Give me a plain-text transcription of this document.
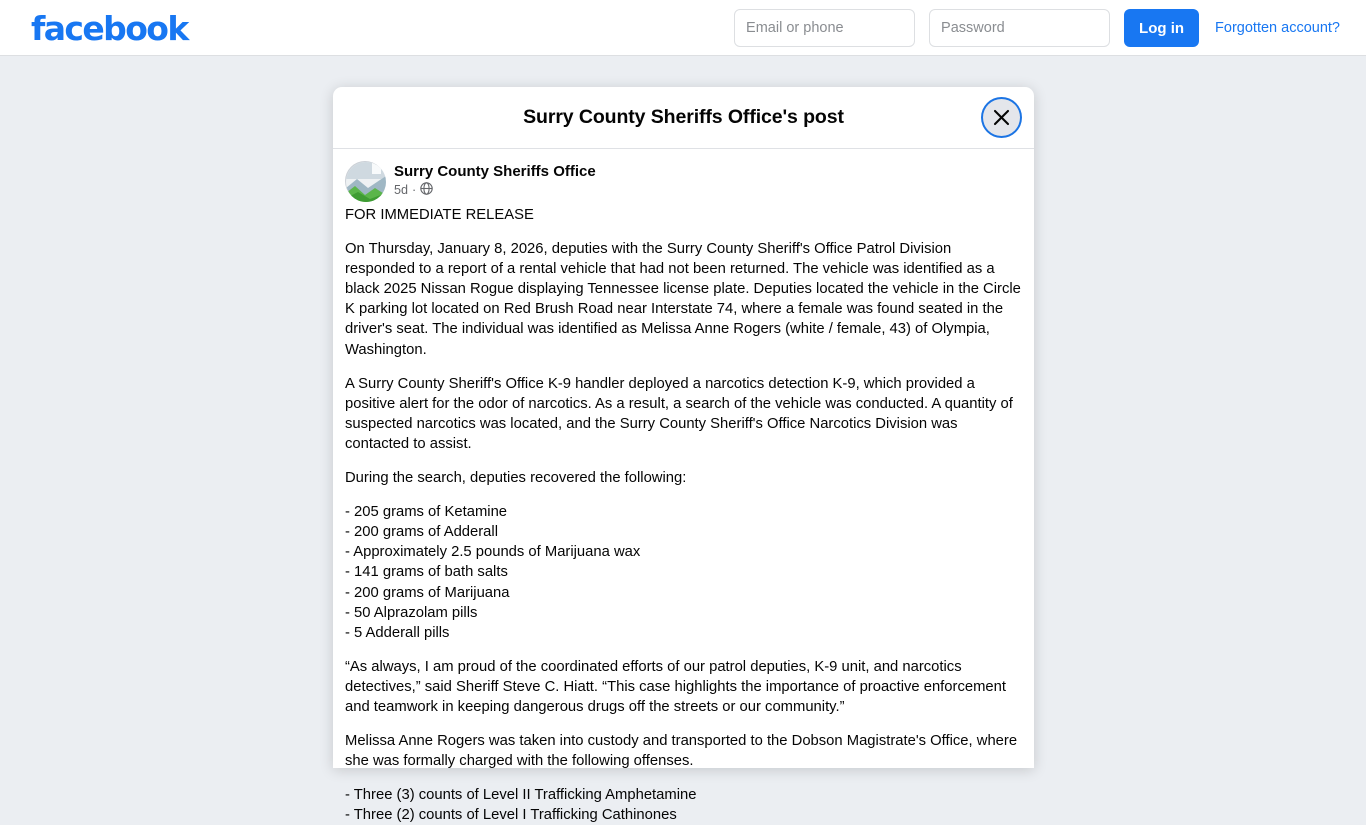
facebook
Email or phone	Log in	Forgotten account?
Surry County Sheriffs Office's post
Surry County Sheriffs Office
5d ·

FOR IMMEDIATE RELEASE

On Thursday, January 8, 2026, deputies with the Surry County Sheriff's Office Patrol Division responded to a report of a rental vehicle that had not been returned. The vehicle was identified as a black 2025 Nissan Rogue displaying Tennessee license plate. Deputies located the vehicle in the Circle K parking lot located on Red Brush Road near Interstate 74, where a female was found seated in the driver's seat. The individual was identified as Melissa Anne Rogers (white / female, 43) of Olympia, Washington.

A Surry County Sheriff's Office K-9 handler deployed a narcotics detection K-9, which provided a positive alert for the odor of narcotics. As a result, a search of the vehicle was conducted. A quantity of suspected narcotics was located, and the Surry County Sheriff's Office Narcotics Division was contacted to assist.

During the search, deputies recovered the following:

- 205 grams of Ketamine
- 200 grams of Adderall
- Approximately 2.5 pounds of Marijuana wax
- 141 grams of bath salts
- 200 grams of Marijuana
- 50 Alprazolam pills
- 5 Adderall pills

“As always, I am proud of the coordinated efforts of our patrol deputies, K-9 unit, and narcotics detectives,” said Sheriff Steve C. Hiatt. “This case highlights the importance of proactive enforcement and teamwork in keeping dangerous drugs off the streets or our community.”

Melissa Anne Rogers was taken into custody and transported to the Dobson Magistrate's Office, where she was formally charged with the following offenses.

- Three (3) counts of Level II Trafficking Amphetamine
- Three (2) counts of Level I Trafficking Cathinones
